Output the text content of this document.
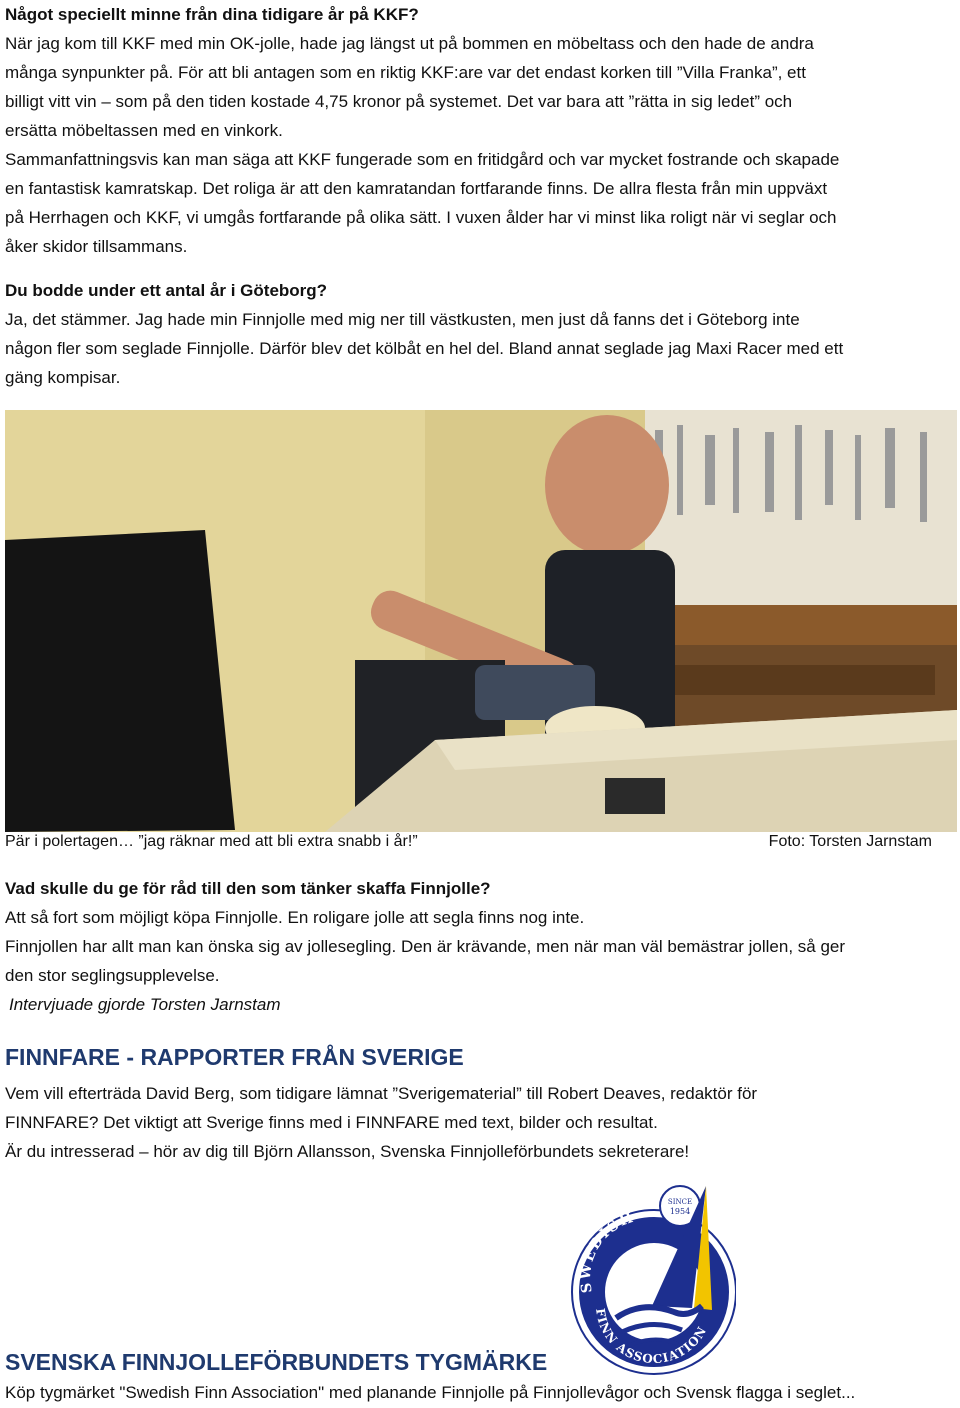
Något speciellt minne från dina tidigare år på KKF?

När jag kom till KKF med min OK-jolle, hade jag längst ut på bommen en möbeltass och den hade de andra

många synpunkter på. För att bli antagen som en riktig KKF:are var det endast korken till ”Villa Franka”, ett

billigt vitt vin – som på den tiden kostade 4,75 kronor på systemet. Det var bara att ”rätta in sig ledet” och

ersätta möbeltassen med en vinkork.

Sammanfattningsvis kan man säga att KKF fungerade som en fritidgård och var mycket fostrande och skapade

en fantastisk kamratskap. Det roliga är att den kamratandan fortfarande finns. De allra flesta från min uppväxt

på Herrhagen och KKF, vi umgås fortfarande på olika sätt. I vuxen ålder har vi minst lika roligt när vi seglar och

åker skidor tillsammans.

Du bodde under ett antal år i Göteborg?

Ja, det stämmer. Jag hade min Finnjolle med mig ner till västkusten, men just då fanns det i Göteborg inte

någon fler som seglade Finnjolle. Därför blev det kölbåt en hel del. Bland annat seglade jag Maxi Racer med ett

gäng kompisar.

Pär i polertagen… ”jag räknar med att bli extra snabb i år!”	Foto: Torsten Jarnstam

Vad skulle du ge för råd till den som tänker skaffa Finnjolle?

Att så fort som möjligt köpa Finnjolle. En roligare jolle att segla finns nog inte.

Finnjollen har allt man kan önska sig av jollesegling. Den är krävande, men när man väl bemästrar jollen, så ger

den stor seglingsupplevelse.

Intervjuade gjorde Torsten Jarnstam

FINNFARE - RAPPORTER FRÅN SVERIGE

Vem vill efterträda David Berg, som tidigare lämnat ”Sverigematerial” till Robert Deaves, redaktör för

FINNFARE? Det viktigt att Sverige finns med i FINNFARE med text, bilder och resultat.

Är du intresserad – hör av dig till Björn Allansson, Svenska Finnjolleförbundets sekreterare!

SWEDISH
FINN ASSOCIATION
SINCE
1954

SVENSKA FINNJOLLEFÖRBUNDETS TYGMÄRKE

Köp tygmärket "Swedish Finn Association" med planande Finnjolle på Finnjollevågor och Svensk flagga i seglet...
